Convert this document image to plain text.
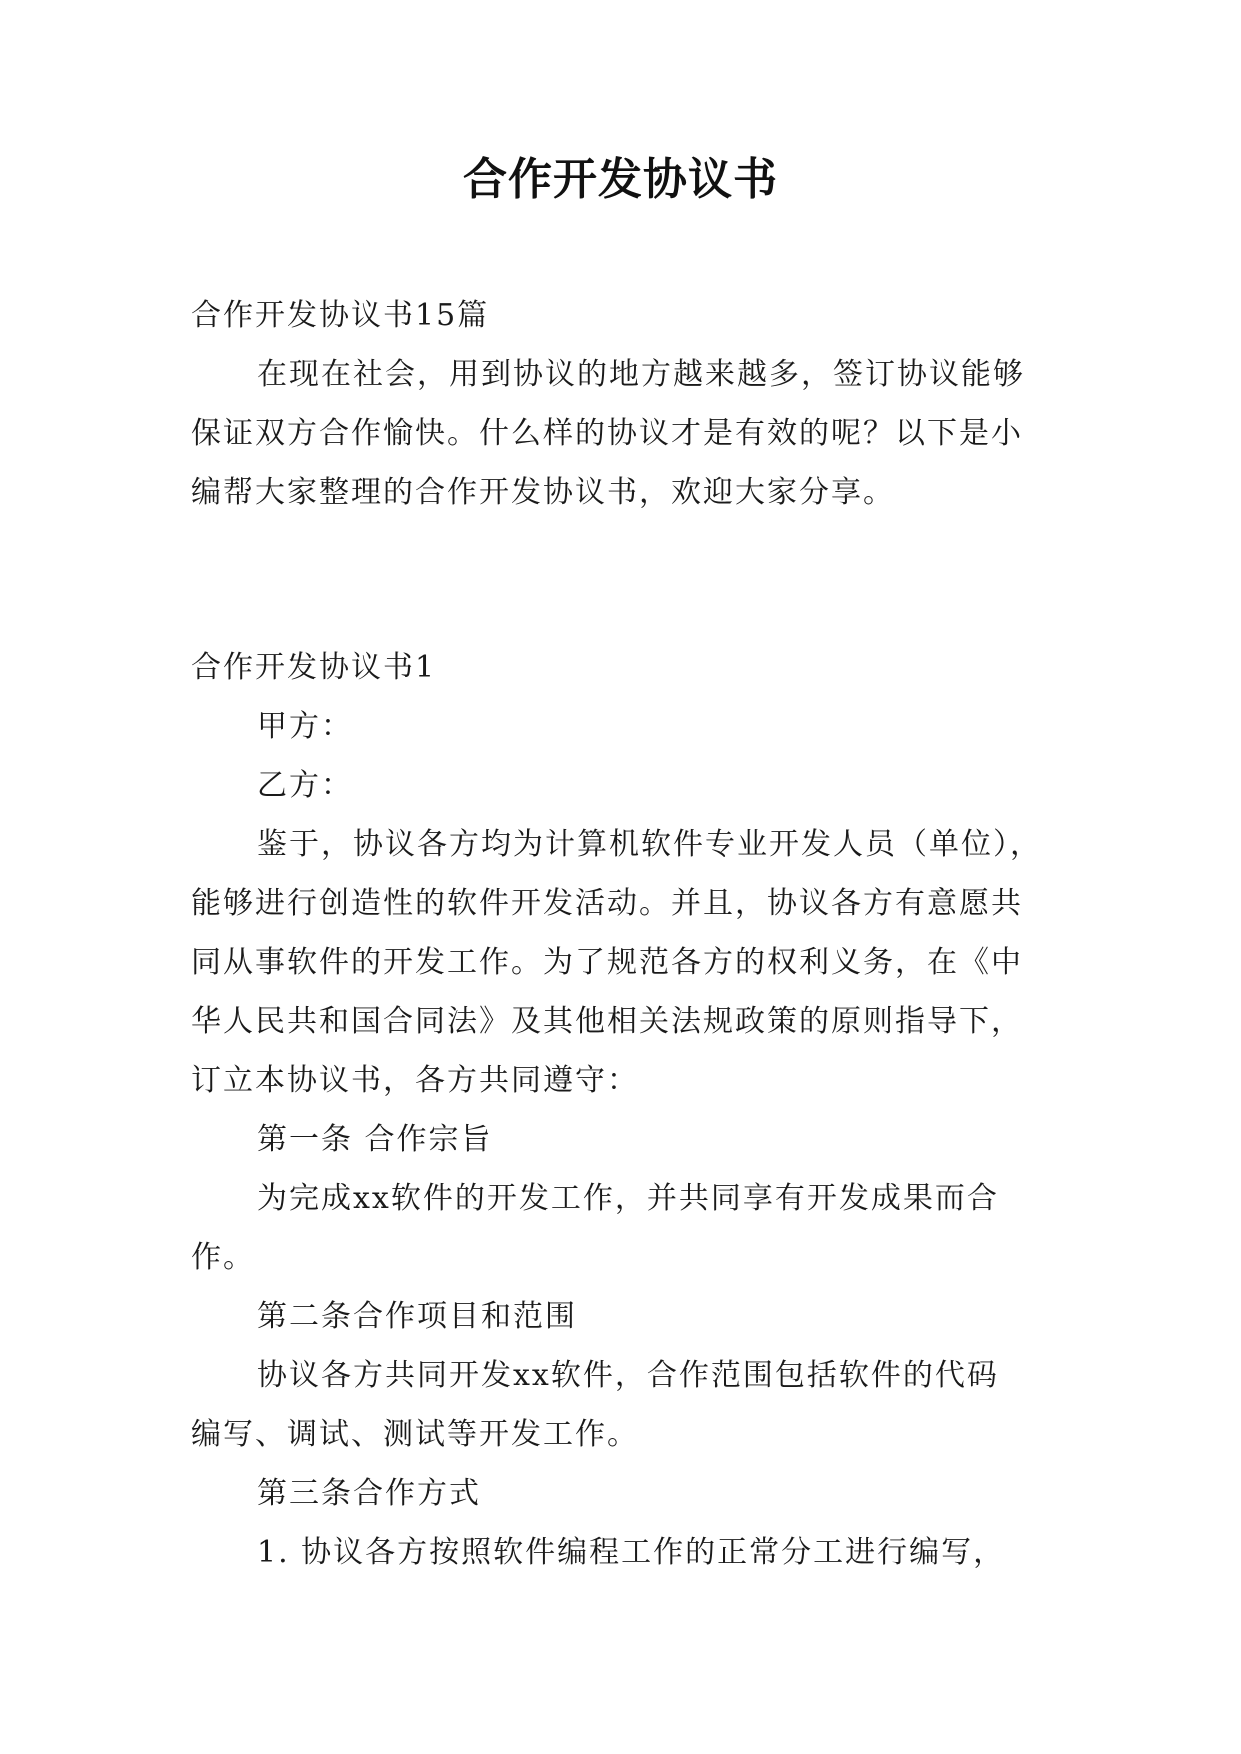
合作开发协议书
合作开发协议书15篇
在现在社会，用到协议的地方越来越多，签订协议能够
保证双方合作愉快。什么样的协议才是有效的呢？以下是小
编帮大家整理的合作开发协议书，欢迎大家分享。
合作开发协议书1
甲方：
乙方：
鉴于，协议各方均为计算机软件专业开发人员（单位），
能够进行创造性的软件开发活动。并且，协议各方有意愿共
同从事软件的开发工作。为了规范各方的权利义务，在《中
华人民共和国合同法》及其他相关法规政策的原则指导下，
订立本协议书，各方共同遵守：
第一条 合作宗旨
为完成xx软件的开发工作，并共同享有开发成果而合
作。
第二条合作项目和范围
协议各方共同开发xx软件，合作范围包括软件的代码
编写、调试、测试等开发工作。
第三条合作方式
1. 协议各方按照软件编程工作的正常分工进行编写，
